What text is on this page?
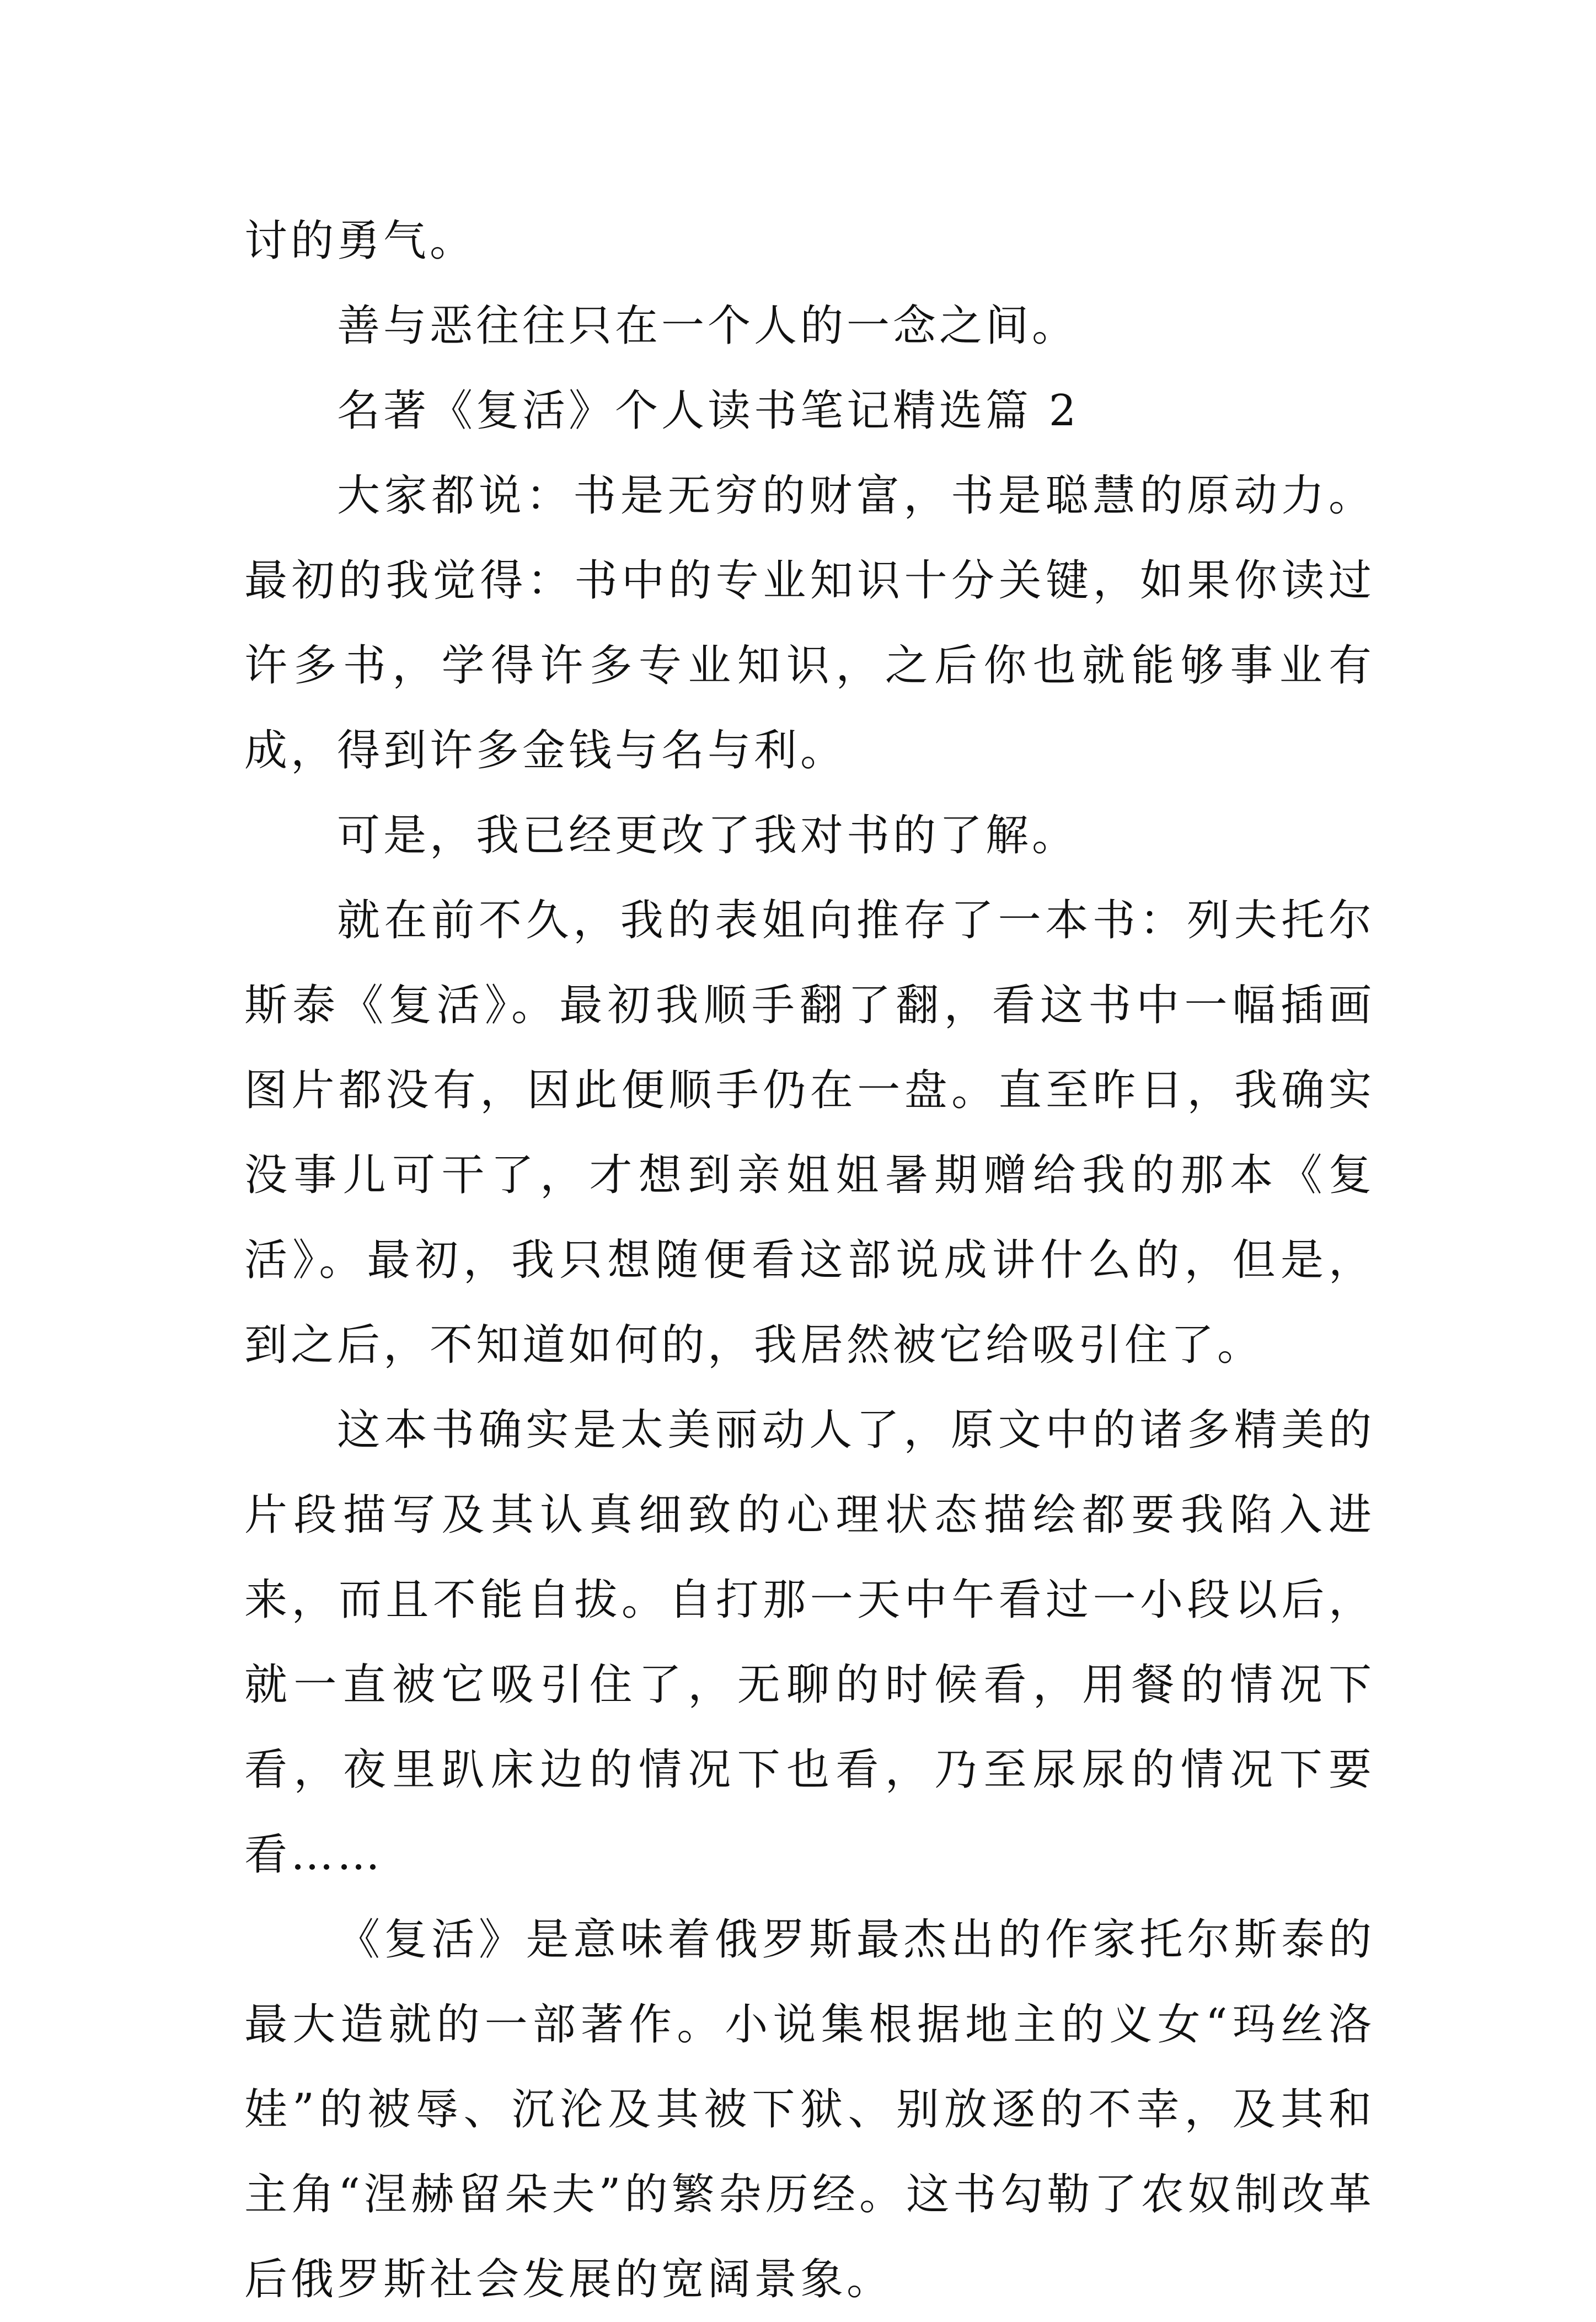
讨的勇气。

善与恶往往只在一个人的一念之间。

名著《复活》个人读书笔记精选篇 2

大家都说：书是无穷的财富，书是聪慧的原动力。最初的我觉得：书中的专业知识十分关键，如果你读过许多书，学得许多专业知识，之后你也就能够事业有成，得到许多金钱与名与利。

可是，我已经更改了我对书的了解。

就在前不久，我的表姐向推存了一本书：列夫托尔斯泰《复活》。最初我顺手翻了翻，看这书中一幅插画图片都没有，因此便顺手仍在一盘。直至昨日，我确实没事儿可干了，才想到亲姐姐暑期赠给我的那本《复活》。最初，我只想随便看这部说成讲什么的，但是，到之后，不知道如何的，我居然被它给吸引住了。

这本书确实是太美丽动人了，原文中的诸多精美的片段描写及其认真细致的心理状态描绘都要我陷入进来，而且不能自拔。自打那一天中午看过一小段以后，就一直被它吸引住了，无聊的时候看，用餐的情况下看，夜里趴床边的情况下也看，乃至尿尿的情况下要看……

《复活》是意味着俄罗斯最杰出的作家托尔斯泰的最大造就的一部著作。小说集根据地主的义女“玛丝洛娃”的被辱、沉沦及其被下狱、别放逐的不幸，及其和主角“涅赫留朵夫”的繁杂历经。这书勾勒了农奴制改革后俄罗斯社会发展的宽阔景象。
